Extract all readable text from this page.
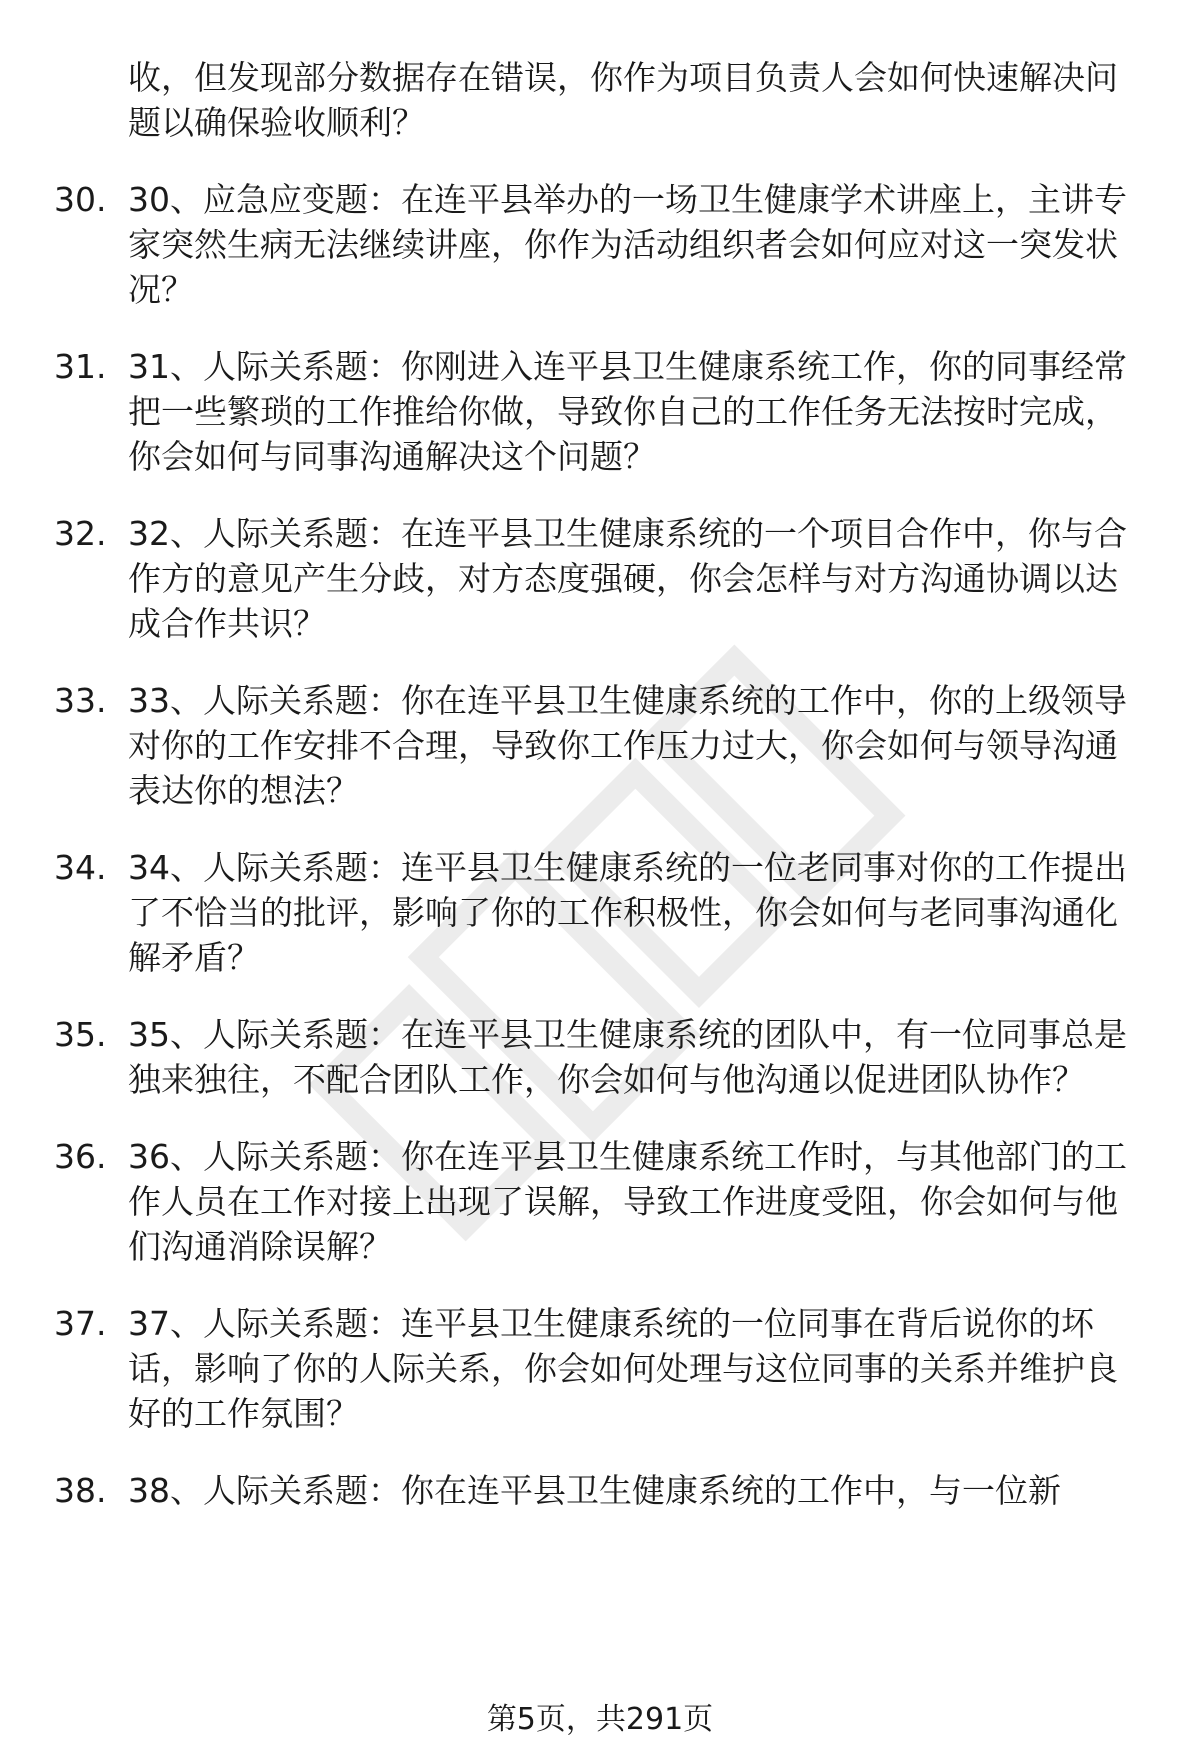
收，但发现部分数据存在错误，你作为项目负责人会如何快速解决问题以确保验收顺利？
30. 30、应急应变题：在连平县举办的一场卫生健康学术讲座上，主讲专家突然生病无法继续讲座，你作为活动组织者会如何应对这一突发状况？
31. 31、人际关系题：你刚进入连平县卫生健康系统工作，你的同事经常把一些繁琐的工作推给你做，导致你自己的工作任务无法按时完成，你会如何与同事沟通解决这个问题？
32. 32、人际关系题：在连平县卫生健康系统的一个项目合作中，你与合作方的意见产生分歧，对方态度强硬，你会怎样与对方沟通协调以达成合作共识？
33. 33、人际关系题：你在连平县卫生健康系统的工作中，你的上级领导对你的工作安排不合理，导致你工作压力过大，你会如何与领导沟通表达你的想法？
34. 34、人际关系题：连平县卫生健康系统的一位老同事对你的工作提出了不恰当的批评，影响了你的工作积极性，你会如何与老同事沟通化解矛盾？
35. 35、人际关系题：在连平县卫生健康系统的团队中，有一位同事总是独来独往，不配合团队工作，你会如何与他沟通以促进团队协作？
36. 36、人际关系题：你在连平县卫生健康系统工作时，与其他部门的工作人员在工作对接上出现了误解，导致工作进度受阻，你会如何与他们沟通消除误解？
37. 37、人际关系题：连平县卫生健康系统的一位同事在背后说你的坏话，影响了你的人际关系，你会如何处理与这位同事的关系并维护良好的工作氛围？
38. 38、人际关系题：你在连平县卫生健康系统的工作中，与一位新
第5页，共291页
